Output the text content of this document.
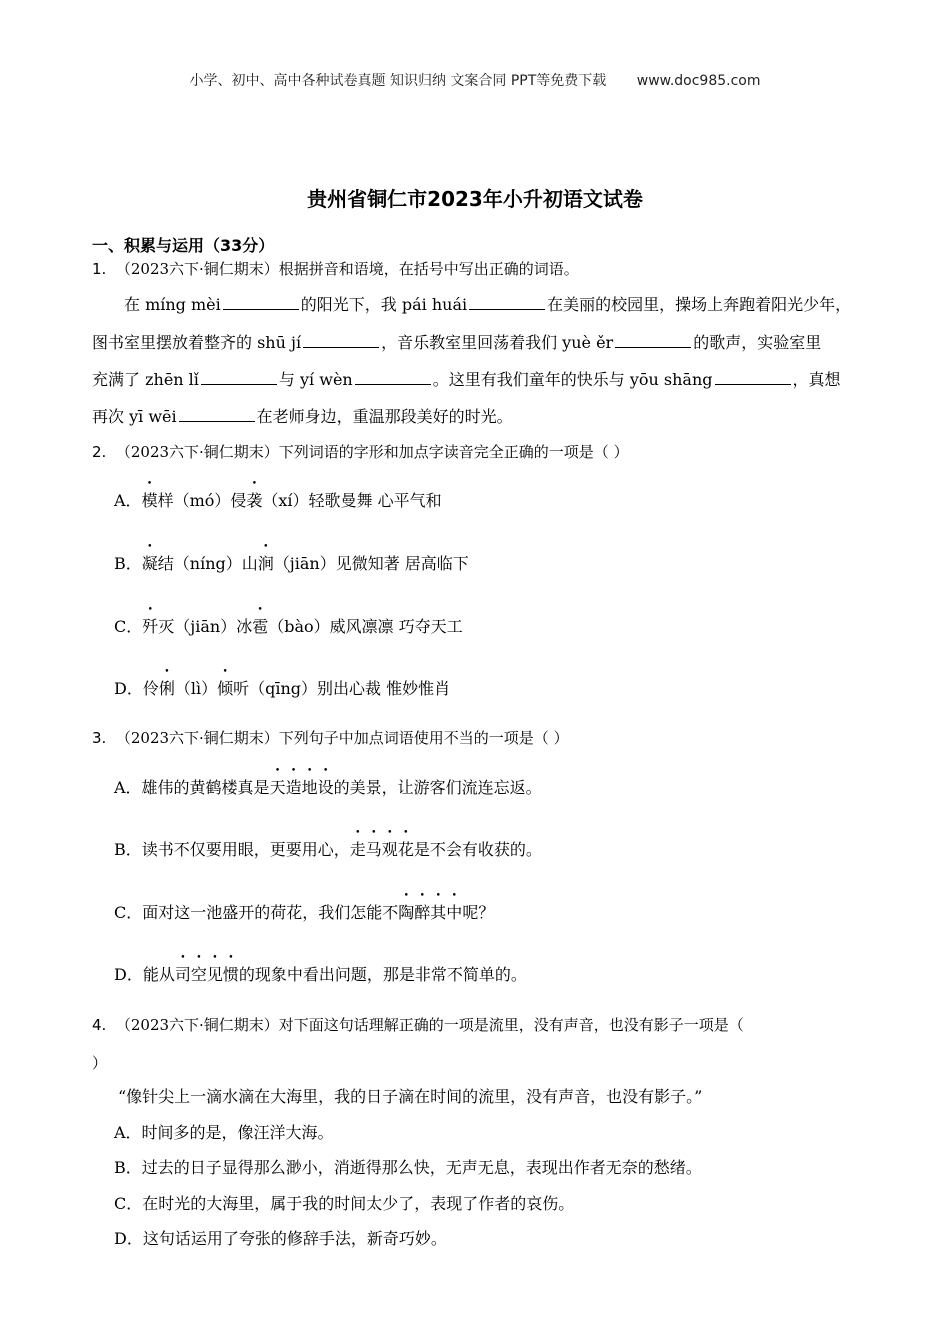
小学、初中、高中各种试卷真题 知识归纳 文案合同 PPT等免费下载 www.doc985.com
贵州省铜仁市2023年小升初语文试卷
一、积累与运用（33分）
1. （2023六下·铜仁期末）根据拼音和语境，在括号中写出正确的词语。
在 míng mèi	的阳光下，我 pái huái	在美丽的校园里，操场上奔跑着阳光少年，
图书室里摆放着整齐的 shū jí	，音乐教室里回荡着我们 yuè ěr	的歌声，实验室里
充满了 zhēn lǐ	与 yí wèn	。这里有我们童年的快乐与 yōu shāng	，真想
再次 yī wēi	在老师身边，重温那段美好的时光。
2. （2023六下·铜仁期末）下列词语的字形和加点字读音完全正确的一项是（ ）
A．模样（mó）侵袭（xí）轻歌曼舞 心平气和
B．凝结（níng）山涧（jiān）见微知著 居高临下
C．歼灭（jiān）冰雹（bào）威风凛凛 巧夺天工
D．伶俐（lì）倾听（qīng）别出心裁 惟妙惟肖
3. （2023六下·铜仁期末）下列句子中加点词语使用不当的一项是（ ）
A．雄伟的黄鹤楼真是天造地设的美景，让游客们流连忘返。
B．读书不仅要用眼，更要用心，走马观花是不会有收获的。
C．面对这一池盛开的荷花，我们怎能不陶醉其中呢？
D．能从司空见惯的现象中看出问题，那是非常不简单的。
4. （2023六下·铜仁期末）对下面这句话理解正确的一项是流里，没有声音，也没有影子一项是（
）
“像针尖上一滴水滴在大海里，我的日子滴在时间的流里，没有声音，也没有影子。”
A．时间多的是，像汪洋大海。
B．过去的日子显得那么渺小，消逝得那么快，无声无息，表现出作者无奈的愁绪。
C．在时光的大海里，属于我的时间太少了，表现了作者的哀伤。
D．这句话运用了夸张的修辞手法，新奇巧妙。
